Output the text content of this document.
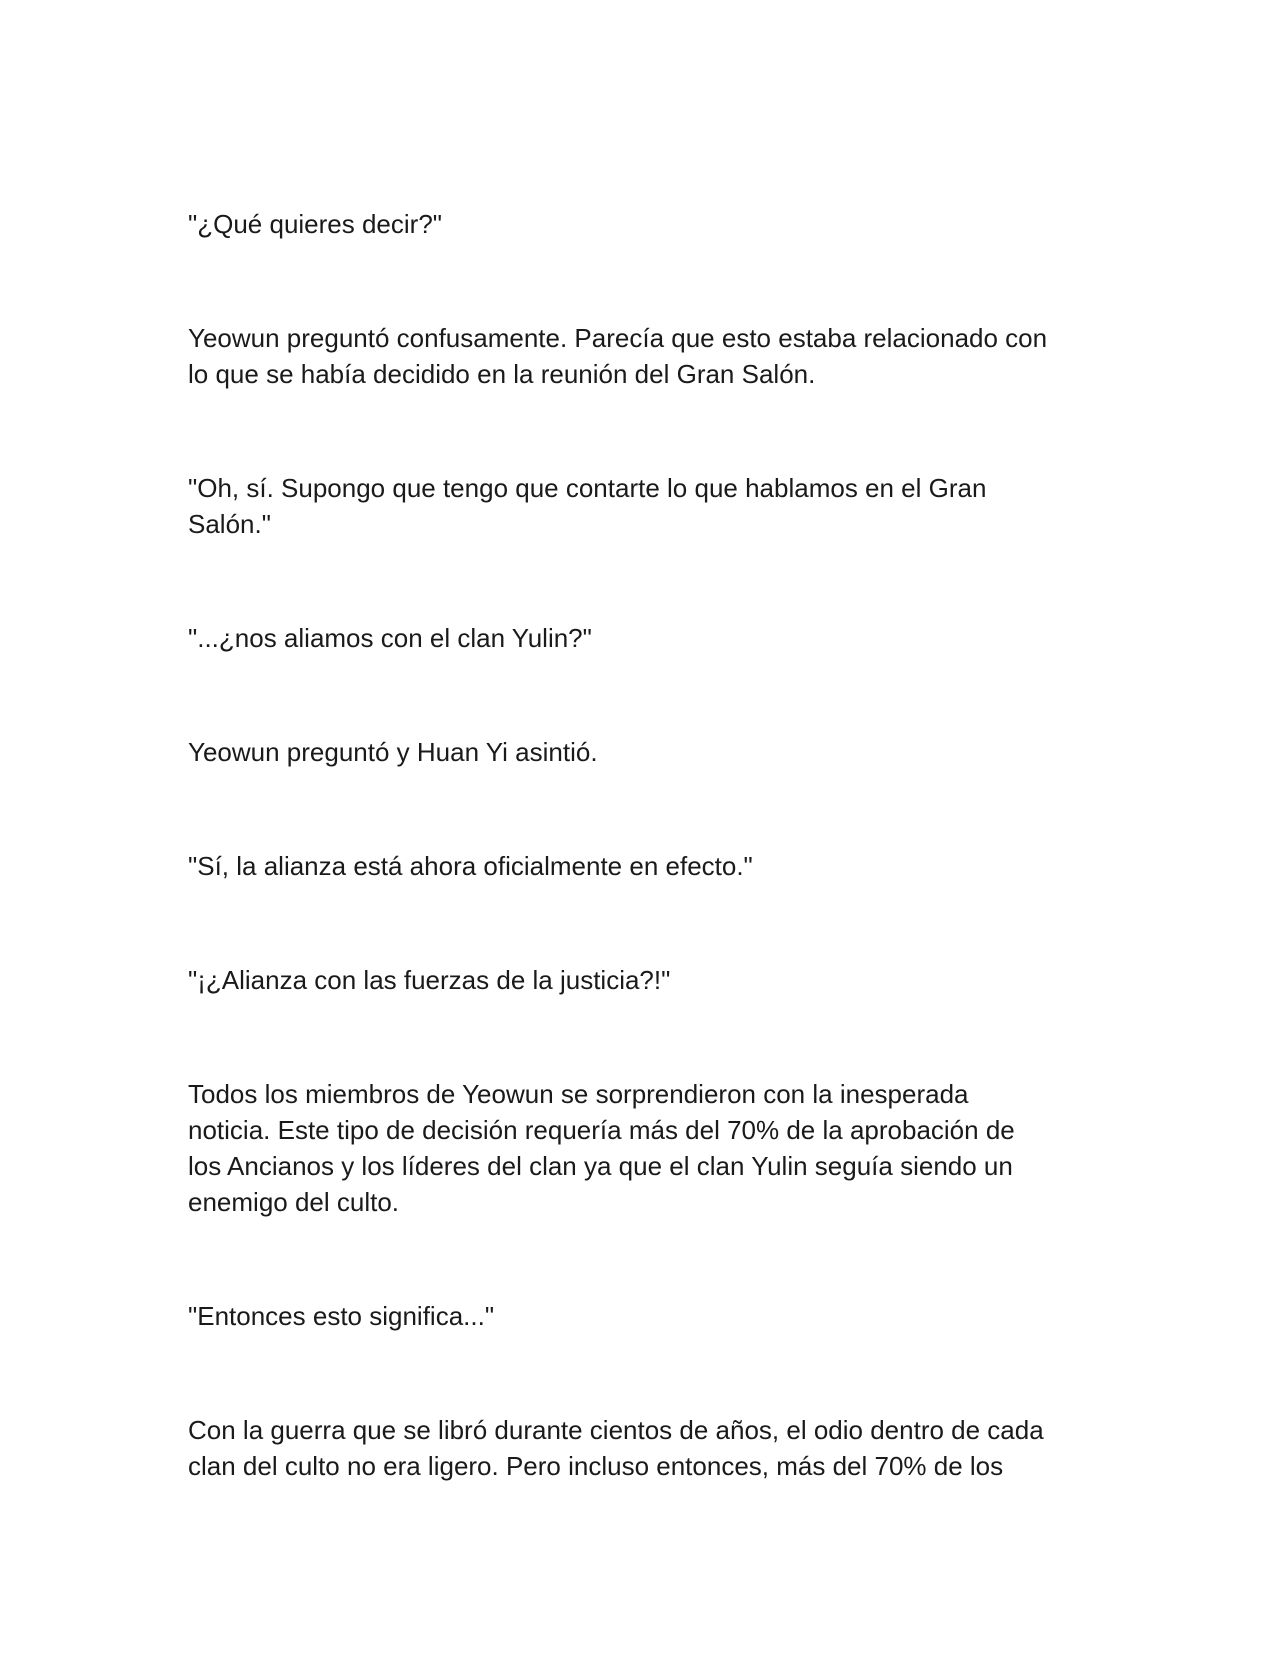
"¿Qué quieres decir?"

Yeowun preguntó confusamente. Parecía que esto estaba relacionado con
lo que se había decidido en la reunión del Gran Salón.

"Oh, sí. Supongo que tengo que contarte lo que hablamos en el Gran
Salón."

"...¿nos aliamos con el clan Yulin?"

Yeowun preguntó y Huan Yi asintió.

"Sí, la alianza está ahora oficialmente en efecto."

"¡¿Alianza con las fuerzas de la justicia?!"

Todos los miembros de Yeowun se sorprendieron con la inesperada
noticia. Este tipo de decisión requería más del 70% de la aprobación de
los Ancianos y los líderes del clan ya que el clan Yulin seguía siendo un
enemigo del culto.

"Entonces esto significa..."

Con la guerra que se libró durante cientos de años, el odio dentro de cada
clan del culto no era ligero. Pero incluso entonces, más del 70% de los
